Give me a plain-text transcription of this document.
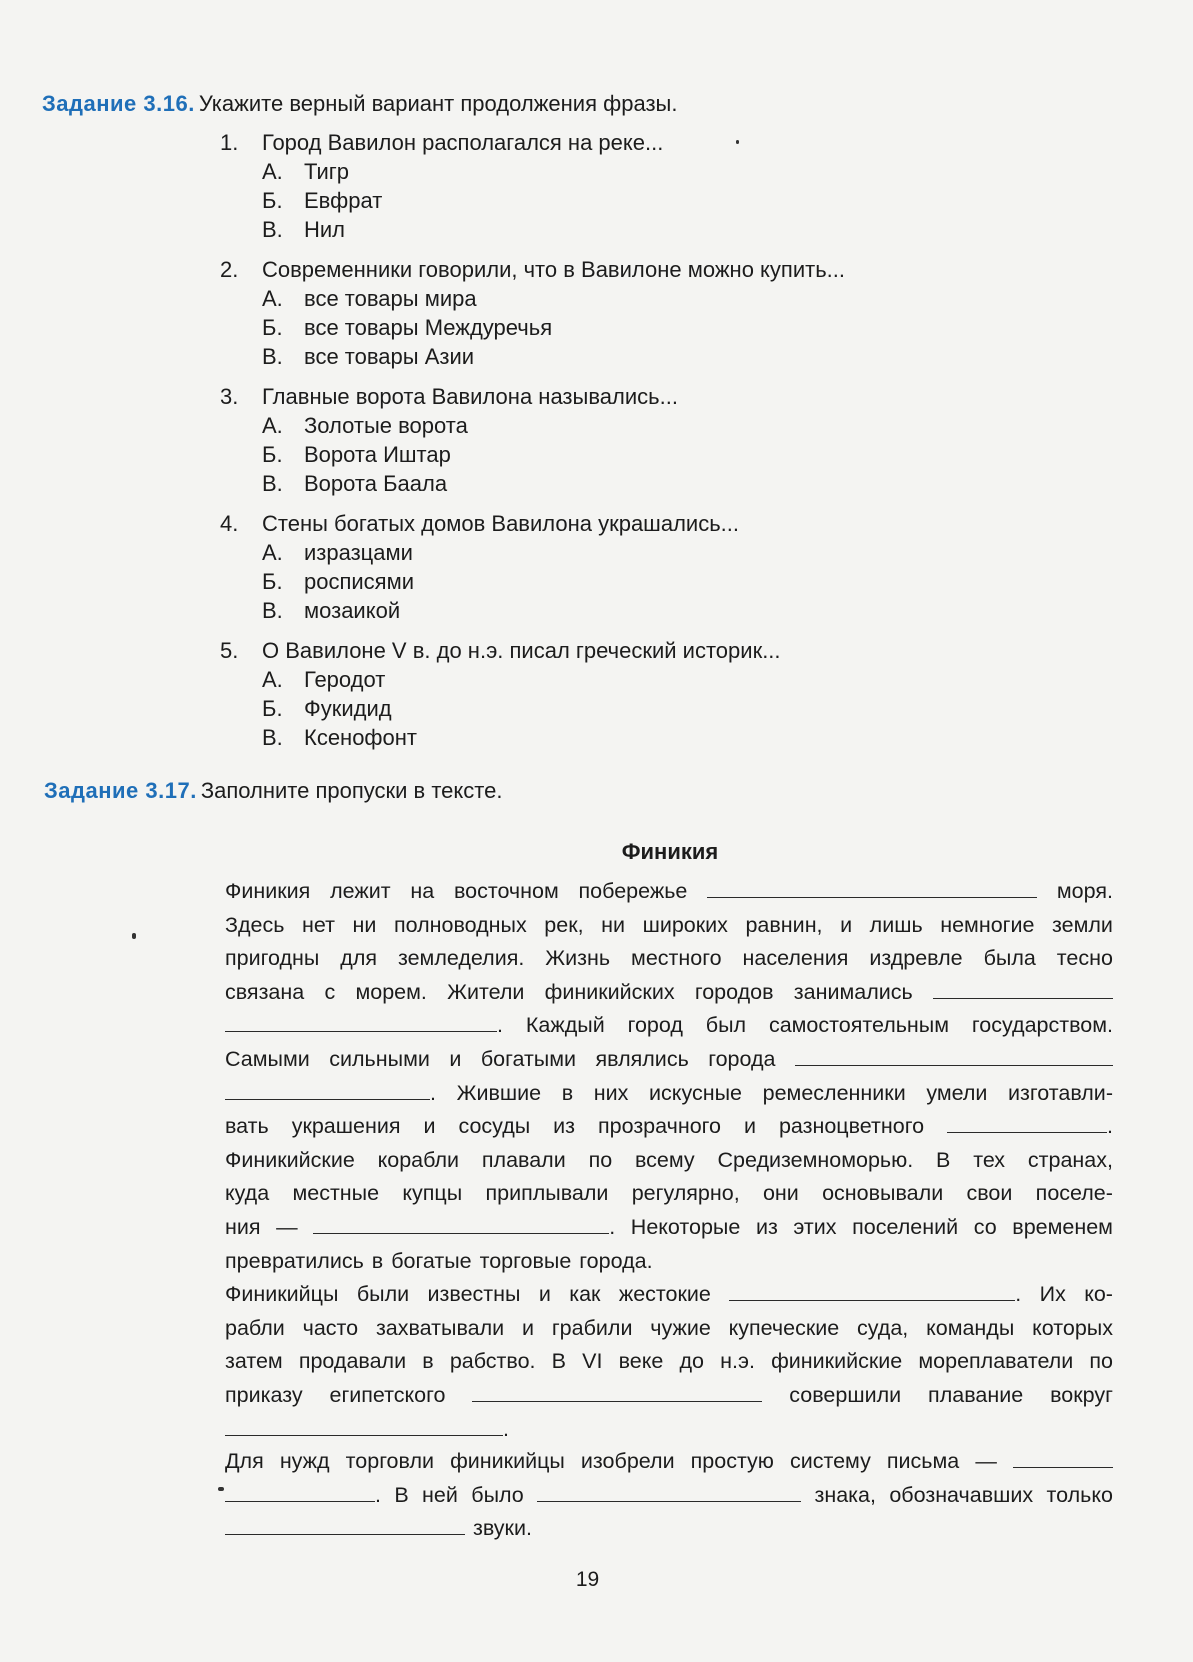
Задание 3.16. Укажите верный вариант продолжения фразы.
1. Город Вавилон располагался на реке...
А. Тигр
Б. Евфрат
В. Нил
2. Современники говорили, что в Вавилоне можно купить...
А. все товары мира
Б. все товары Междуречья
В. все товары Азии
3. Главные ворота Вавилона назывались...
А. Золотые ворота
Б. Ворота Иштар
В. Ворота Баала
4. Стены богатых домов Вавилона украшались...
А. изразцами
Б. росписями
В. мозаикой
5. О Вавилоне V в. до н.э. писал греческий историк...
А. Геродот
Б. Фукидид
В. Ксенофонт
Задание 3.17. Заполните пропуски в тексте.
Финикия
Финикия лежит на восточном побережье	моря.
Здесь нет ни полноводных рек, ни широких равнин, и лишь немногие земли
пригодны для земледелия. Жизнь местного населения издревле была тесно
связана с морем. Жители финикийских городов занимались
. Каждый город был самостоятельным государством.
Самыми сильными и богатыми являлись города
. Жившие в них искусные ремесленники умели изготавли-
вать украшения и сосуды из прозрачного и разноцветного	.
Финикийские корабли плавали по всему Средиземноморью. В тех странах,
куда местные купцы приплывали регулярно, они основывали свои поселе-
ния —	. Некоторые из этих поселений со временем
превратились в богатые торговые города.
Финикийцы были известны и как жестокие	. Их ко-
рабли часто захватывали и грабили чужие купеческие суда, команды которых
затем продавали в рабство. В VI веке до н.э. финикийские мореплаватели по
приказу египетского	совершили плавание вокруг
.
Для нужд торговли финикийцы изобрели простую систему письма —
. В ней было	знака, обозначавших только
звуки.
19
